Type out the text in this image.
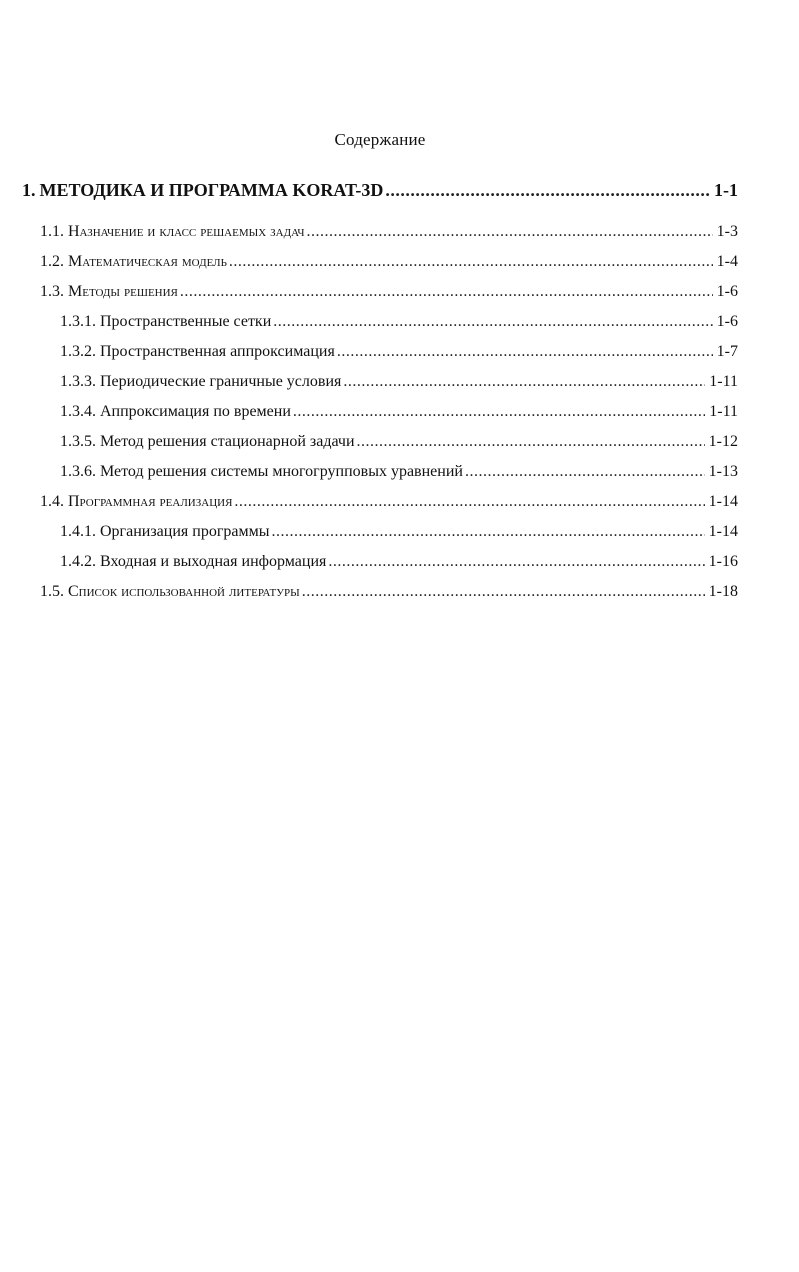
Содержание
1. МЕТОДИКА И ПРОГРАММА KORAT-3D .....	1-1
1.1. Назначение и класс решаемых задач .....	1-3
1.2. Математическая модель .....	1-4
1.3. Методы решения .....	1-6
1.3.1. Пространственные сетки .....	1-6
1.3.2. Пространственная аппроксимация .....	1-7
1.3.3. Периодические граничные условия .....	1-11
1.3.4. Аппроксимация по времени .....	1-11
1.3.5. Метод решения стационарной задачи .....	1-12
1.3.6. Метод решения системы многогрупповых уравнений .....	1-13
1.4. Программная реализация .....	1-14
1.4.1. Организация программы .....	1-14
1.4.2. Входная и выходная информация .....	1-16
1.5. Список использованной литературы .....	1-18
